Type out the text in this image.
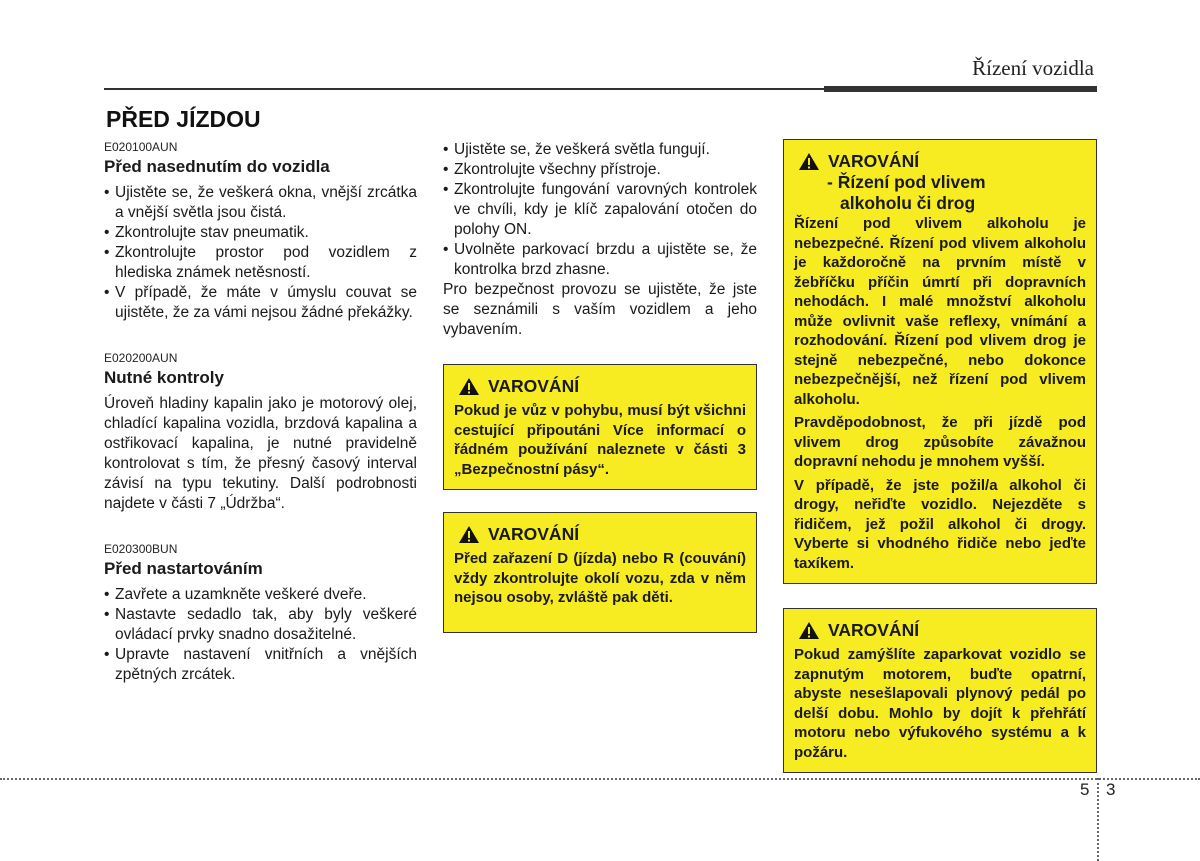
Řízení vozidla
PŘED JÍZDOU

E020100AUN

Před nasednutím do vozidla

• Ujistěte se, že veškerá okna, vnější zrcátka a vnější světla jsou čistá.
• Zkontrolujte stav pneumatik.
• Zkontrolujte prostor pod vozidlem z hlediska známek netěsností.
• V případě, že máte v úmyslu couvat se ujistěte, že za vámi nejsou žádné překážky.

E020200AUN

Nutné kontroly

Úroveň hladiny kapalin jako je motorový olej, chladící kapalina vozidla, brzdová kapalina a ostřikovací kapalina, je nutné pravidelně kontrolovat s tím, že přesný časový interval závisí na typu tekutiny. Další podrobnosti najdete v části 7 „Údržba“.

E020300BUN

Před nastartováním

• Zavřete a uzamkněte veškeré dveře.
• Nastavte sedadlo tak, aby byly veškeré ovládací prvky snadno dosažitelné.
• Upravte nastavení vnitřních a vnějších zpětných zrcátek.
• Ujistěte se, že veškerá světla fungují.
• Zkontrolujte všechny přístroje.
• Zkontrolujte fungování varovných kontrolek ve chvíli, kdy je klíč zapalování otočen do polohy ON.
• Uvolněte parkovací brzdu a ujistěte se, že kontrolka brzd zhasne.

Pro bezpečnost provozu se ujistěte, že jste se seznámili s vaším vozidlem a jeho vybavením.

VAROVÁNÍ

Pokud je vůz v pohybu, musí být všichni cestující připoutáni Více informací o řádném používání naleznete v části 3 „Bezpečnostní pásy“.

VAROVÁNÍ

Před zařazení D (jízda) nebo R (couvání) vždy zkontrolujte okolí vozu, zda v něm nejsou osoby, zvláště pak děti.

VAROVÁNÍ

- Řízení pod vlivem

alkoholu či drog

Řízení pod vlivem alkoholu je nebezpečné. Řízení pod vlivem alkoholu je každoročně na prvním místě v žebříčku příčin úmrtí při dopravních nehodách. I malé množství alkoholu může ovlivnit vaše reflexy, vnímání a rozhodování. Řízení pod vlivem drog je stejně nebezpečné, nebo dokonce nebezpečnější, než řízení pod vlivem alkoholu.

Pravděpodobnost, že při jízdě pod vlivem drog způsobíte závažnou dopravní nehodu je mnohem vyšší.

V případě, že jste požil/a alkohol či drogy, neřiďte vozidlo. Nejezděte s řidičem, jež požil alkohol či drogy. Vyberte si vhodného řidiče nebo jeďte taxíkem.

VAROVÁNÍ

Pokud zamýšlíte zaparkovat vozidlo se zapnutým motorem, buďte opatrní, abyste nesešlapovali plynový pedál po delší dobu. Mohlo by dojít k přehřátí motoru nebo výfukového systému a k požáru.

5 3
